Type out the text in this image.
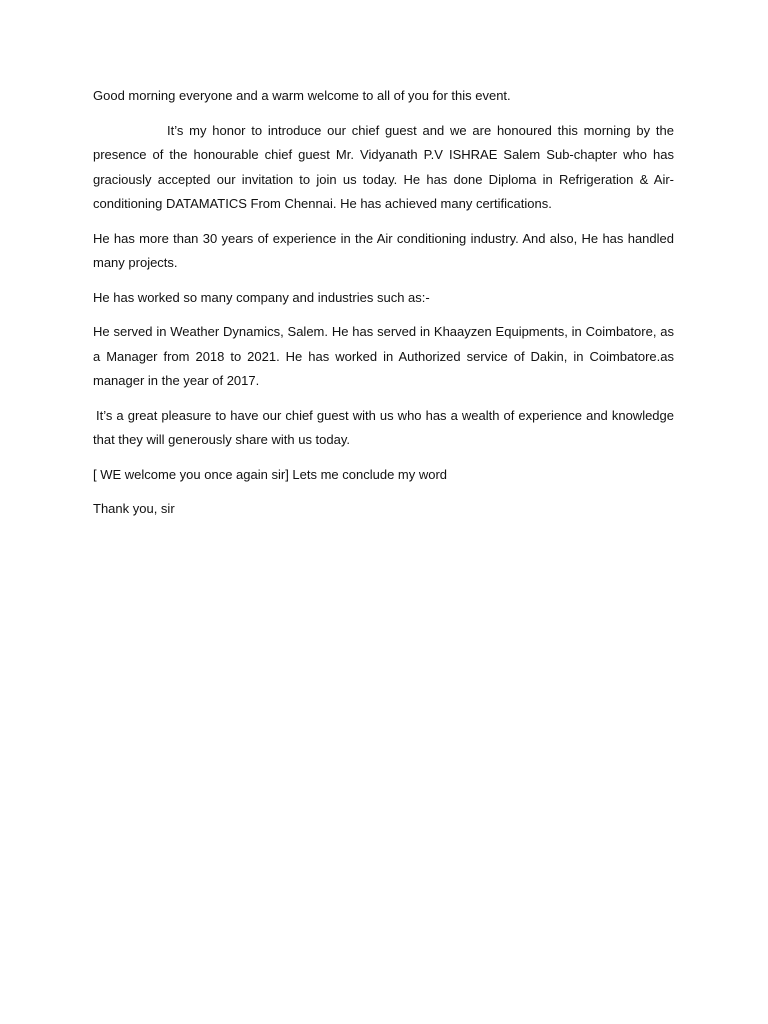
Good morning everyone and a warm welcome to all of you for this event.

It’s my honor to introduce our chief guest and we are honoured this morning by the presence of the honourable chief guest Mr. Vidyanath P.V ISHRAE Salem Sub-chapter who has graciously accepted our invitation to join us today. He has done Diploma in Refrigeration & Air-conditioning DATAMATICS From Chennai. He has achieved many certifications.

He has more than 30 years of experience in the Air conditioning industry. And also, He has handled many projects.

He has worked so many company and industries such as:-

He served in Weather Dynamics, Salem. He has served in Khaayzen Equipments, in Coimbatore, as a Manager from 2018 to 2021. He has worked in Authorized service of Dakin, in Coimbatore.as manager in the year of 2017.

It’s a great pleasure to have our chief guest with us who has a wealth of experience and knowledge that they will generously share with us today.

[ WE welcome you once again sir] Lets me conclude my word

Thank you, sir
